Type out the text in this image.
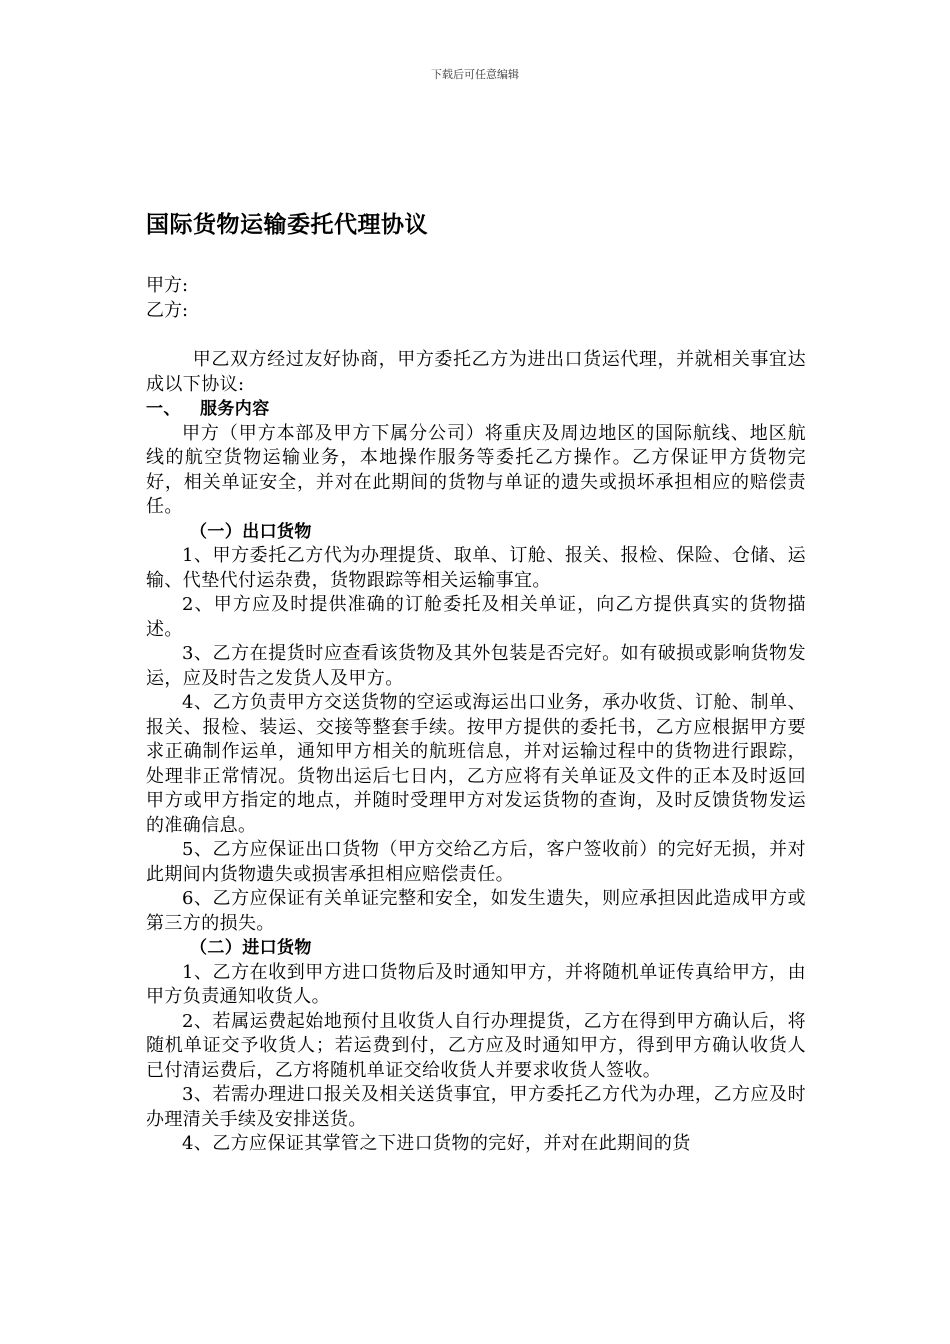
下载后可任意编辑
国际货物运输委托代理协议
甲方:
乙方:

甲乙双方经过友好协商，甲方委托乙方为进出口货运代理，并就相关事宜达成以下协议:

一、 服务内容

甲方（甲方本部及甲方下属分公司）将重庆及周边地区的国际航线、地区航线的航空货物运输业务，本地操作服务等委托乙方操作。乙方保证甲方货物完好，相关单证安全，并对在此期间的货物与单证的遗失或损坏承担相应的赔偿责任。

（一）出口货物

1、甲方委托乙方代为办理提货、取单、订舱、报关、报检、保险、仓储、运输、代垫代付运杂费，货物跟踪等相关运输事宜。

2、甲方应及时提供准确的订舱委托及相关单证，向乙方提供真实的货物描述。

3、乙方在提货时应查看该货物及其外包装是否完好。如有破损或影响货物发运，应及时告之发货人及甲方。

4、乙方负责甲方交送货物的空运或海运出口业务，承办收货、订舱、制单、报关、报检、装运、交接等整套手续。按甲方提供的委托书，乙方应根据甲方要求正确制作运单，通知甲方相关的航班信息，并对运输过程中的货物进行跟踪，处理非正常情况。货物出运后七日内，乙方应将有关单证及文件的正本及时返回甲方或甲方指定的地点，并随时受理甲方对发运货物的查询，及时反馈货物发运的准确信息。

5、乙方应保证出口货物（甲方交给乙方后，客户签收前）的完好无损，并对此期间内货物遗失或损害承担相应赔偿责任。

6、乙方应保证有关单证完整和安全，如发生遗失，则应承担因此造成甲方或第三方的损失。

（二）进口货物

1、乙方在收到甲方进口货物后及时通知甲方，并将随机单证传真给甲方，由甲方负责通知收货人。

2、若属运费起始地预付且收货人自行办理提货，乙方在得到甲方确认后，将随机单证交予收货人；若运费到付，乙方应及时通知甲方，得到甲方确认收货人已付清运费后，乙方将随机单证交给收货人并要求收货人签收。

3、若需办理进口报关及相关送货事宜，甲方委托乙方代为办理，乙方应及时办理清关手续及安排送货。

4、乙方应保证其掌管之下进口货物的完好，并对在此期间的货
